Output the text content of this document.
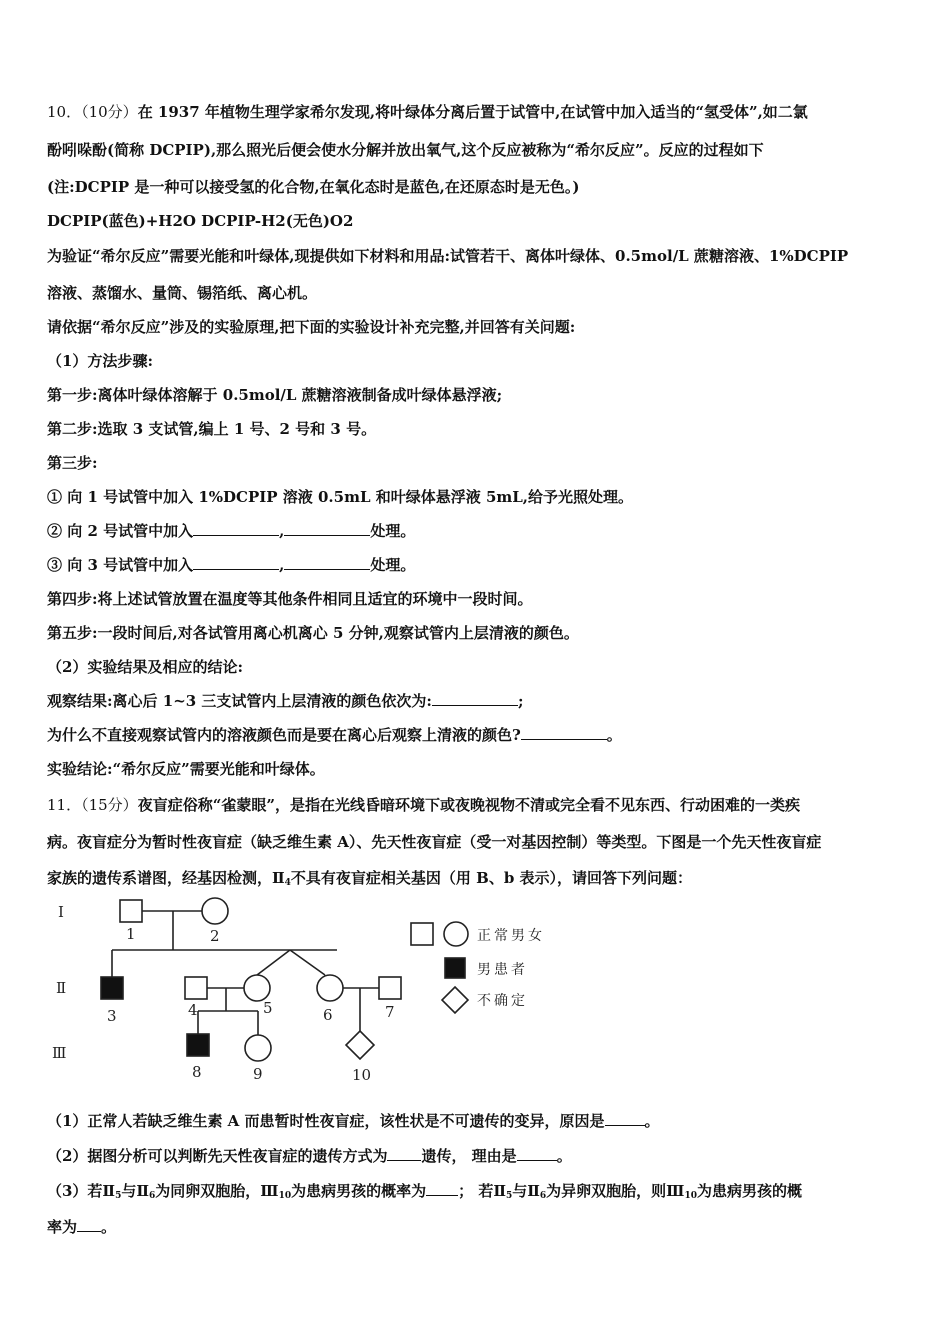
10．（10分）在 1937 年植物生理学家希尔发现,将叶绿体分离后置于试管中,在试管中加入适当的“氢受体”,如二氯
酚吲哚酚(简称 DCPIP),那么照光后便会使水分解并放出氧气,这个反应被称为“希尔反应”。反应的过程如下
(注:DCPIP 是一种可以接受氢的化合物,在氧化态时是蓝色,在还原态时是无色。)
DCPIP(蓝色)+H2O DCPIP-H2(无色)O2
为验证“希尔反应”需要光能和叶绿体,现提供如下材料和用品:试管若干、离体叶绿体、0.5mol/L 蔗糖溶液、1%DCPIP
溶液、蒸馏水、量筒、锡箔纸、离心机。
请依据“希尔反应”涉及的实验原理,把下面的实验设计补充完整,并回答有关问题:
（1）方法步骤:
第一步:离体叶绿体溶解于 0.5mol/L 蔗糖溶液制备成叶绿体悬浮液;
第二步:选取 3 支试管,编上 1 号、2 号和 3 号。
第三步:
① 向 1 号试管中加入 1%DCPIP 溶液 0.5mL 和叶绿体悬浮液 5mL,给予光照处理。
② 向 2 号试管中加入	,	处理。
③ 向 3 号试管中加入	,	处理。
第四步:将上述试管放置在温度等其他条件相同且适宜的环境中一段时间。
第五步:一段时间后,对各试管用离心机离心 5 分钟,观察试管内上层清液的颜色。
（2）实验结果及相应的结论:
观察结果:离心后 1~3 三支试管内上层清液的颜色依次为:	;
为什么不直接观察试管内的溶液颜色而是要在离心后观察上清液的颜色?	。
实验结论:“希尔反应”需要光能和叶绿体。
11．（15分）夜盲症俗称“雀蒙眼”，是指在光线昏暗环境下或夜晚视物不清或完全看不见东西、行动困难的一类疾
病。夜盲症分为暂时性夜盲症（缺乏维生素 A）、先天性夜盲症（受一对基因控制）等类型。下图是一个先天性夜盲症
家族的遗传系谱图，经基因检测，$Ⅱ_4$不具有夜盲症相关基因（用 B、b 表示），请回答下列问题：
Ⅰ
Ⅱ
Ⅲ
1	2
3	4	5	6	7
8	9	10
正常男女
男患者
不确定
（1）正常人若缺乏维生素 A 而患暂时性夜盲症，该性状是不可遗传的变异，原因是	。
（2）据图分析可以判断先天性夜盲症的遗传方式为 遗传， 理由是	。
（3）若$Ⅱ_5$与$Ⅱ_6$为同卵双胞胎，$Ⅲ_{10}$为患病男孩的概率为 ； 若$Ⅱ_5$与$Ⅱ_6$为异卵双胞胎，则$Ⅲ_{10}$为患病男孩的概
率为 。
